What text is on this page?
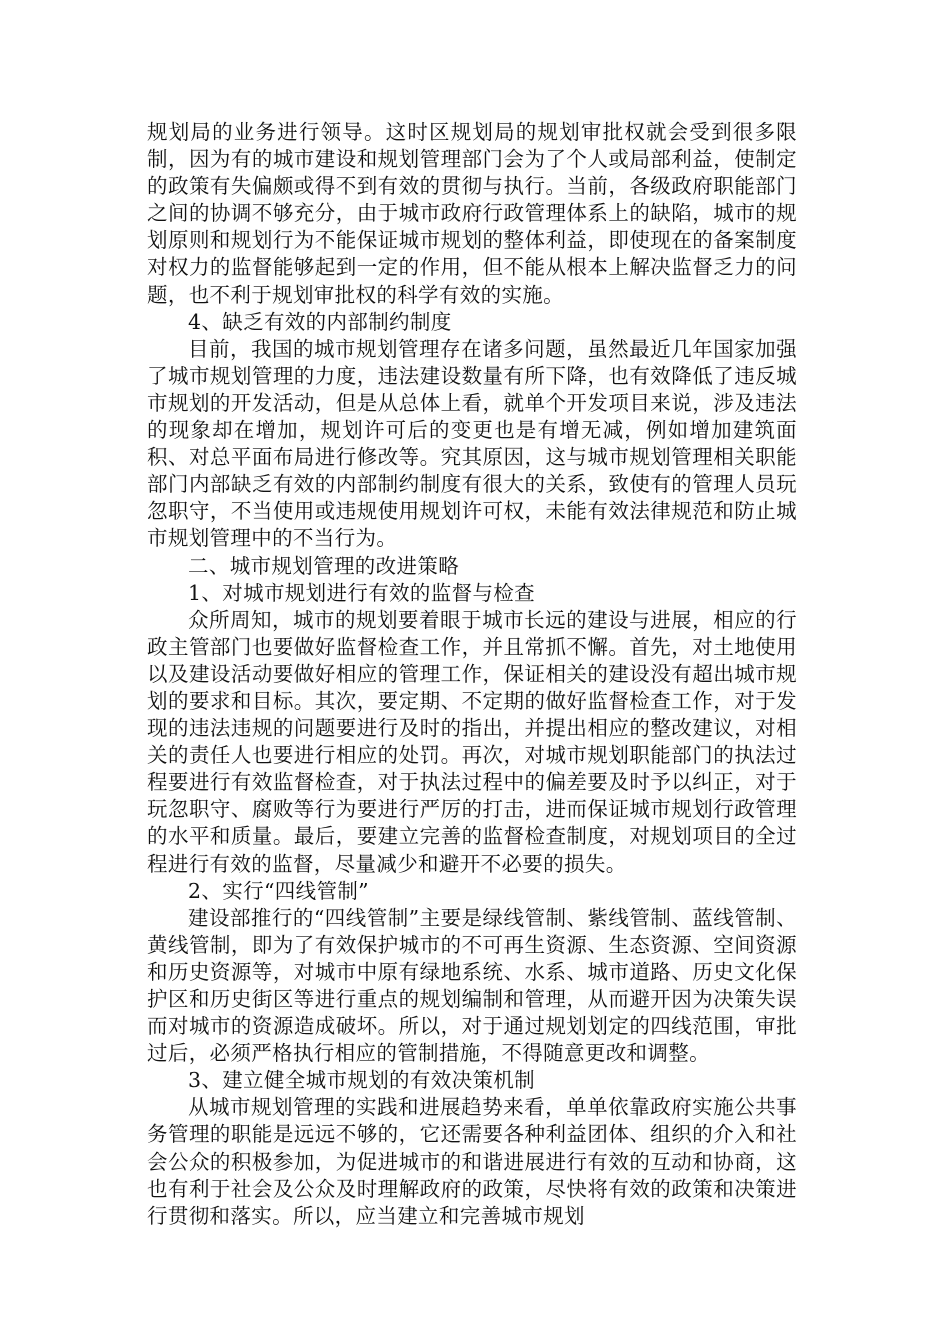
规划局的业务进行领导。这时区规划局的规划审批权就会受到很多限制，因为有的城市建设和规划管理部门会为了个人或局部利益，使制定的政策有失偏颇或得不到有效的贯彻与执行。当前，各级政府职能部门之间的协调不够充分，由于城市政府行政管理体系上的缺陷，城市的规划原则和规划行为不能保证城市规划的整体利益，即使现在的备案制度对权力的监督能够起到一定的作用，但不能从根本上解决监督乏力的问题，也不利于规划审批权的科学有效的实施。

4、缺乏有效的内部制约制度

目前，我国的城市规划管理存在诸多问题，虽然最近几年国家加强了城市规划管理的力度，违法建设数量有所下降，也有效降低了违反城市规划的开发活动，但是从总体上看，就单个开发项目来说，涉及违法的现象却在增加，规划许可后的变更也是有增无减，例如增加建筑面积、对总平面布局进行修改等。究其原因，这与城市规划管理相关职能部门内部缺乏有效的内部制约制度有很大的关系，致使有的管理人员玩忽职守，不当使用或违规使用规划许可权，未能有效法律规范和防止城市规划管理中的不当行为。

二、城市规划管理的改进策略

1、对城市规划进行有效的监督与检查

众所周知，城市的规划要着眼于城市长远的建设与进展，相应的行政主管部门也要做好监督检查工作，并且常抓不懈。首先，对土地使用以及建设活动要做好相应的管理工作，保证相关的建设没有超出城市规划的要求和目标。其次，要定期、不定期的做好监督检查工作，对于发现的违法违规的问题要进行及时的指出，并提出相应的整改建议，对相关的责任人也要进行相应的处罚。再次，对城市规划职能部门的执法过程要进行有效监督检查，对于执法过程中的偏差要及时予以纠正，对于玩忽职守、腐败等行为要进行严厉的打击，进而保证城市规划行政管理的水平和质量。最后，要建立完善的监督检查制度，对规划项目的全过程进行有效的监督，尽量减少和避开不必要的损失。

2、实行“四线管制”

建设部推行的“四线管制”主要是绿线管制、紫线管制、蓝线管制、黄线管制，即为了有效保护城市的不可再生资源、生态资源、空间资源和历史资源等，对城市中原有绿地系统、水系、城市道路、历史文化保护区和历史街区等进行重点的规划编制和管理，从而避开因为决策失误而对城市的资源造成破坏。所以，对于通过规划划定的四线范围，审批过后，必须严格执行相应的管制措施，不得随意更改和调整。

3、建立健全城市规划的有效决策机制

从城市规划管理的实践和进展趋势来看，单单依靠政府实施公共事务管理的职能是远远不够的，它还需要各种利益团体、组织的介入和社会公众的积极参加，为促进城市的和谐进展进行有效的互动和协商，这也有利于社会及公众及时理解政府的政策，尽快将有效的政策和决策进行贯彻和落实。所以，应当建立和完善城市规划
